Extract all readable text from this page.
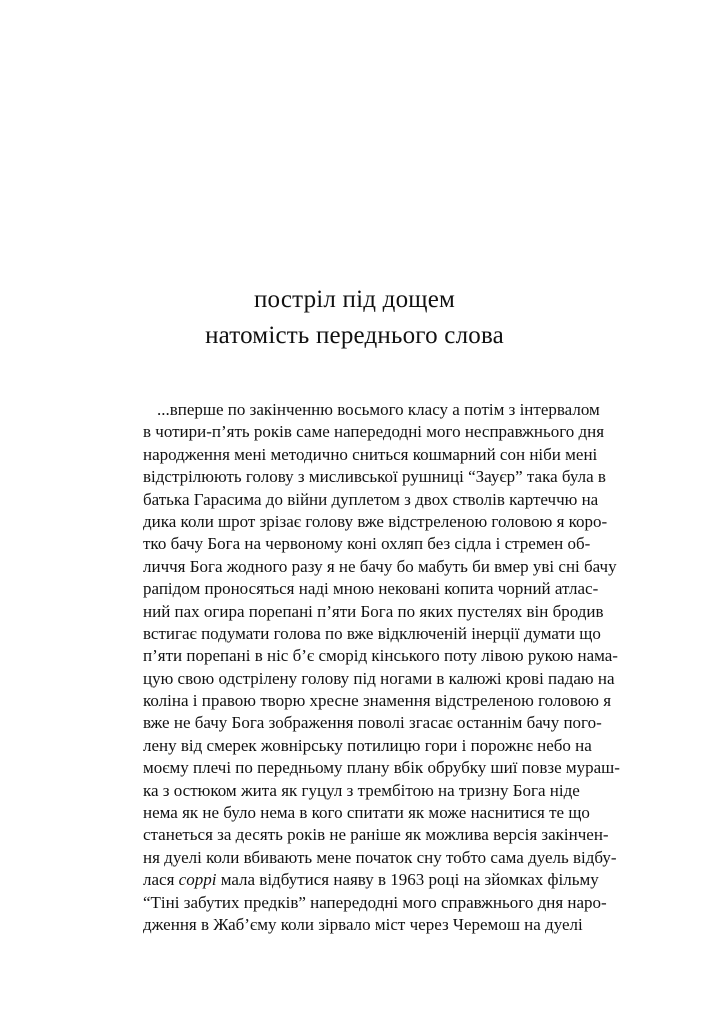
постріл під дощем
натомість переднього слова
...вперше по закінченню восьмого класу а потім з інтервалом
в чотири-п’ять років саме напередодні мого несправжнього дня
народження мені методично сниться кошмарний сон ніби мені
відстрілюють голову з мисливської рушниці “Зауєр” така була в
батька Гарасима до війни дуплетом з двох стволів картеччю на
дика коли шрот зрізає голову вже відстреленою головою я коро-
тко бачу Бога на червоному коні охляп без сідла і стремен об-
личчя Бога жодного разу я не бачу бо мабуть би вмер уві сні бачу
рапідом проносяться наді мною нековані копита чорний атлас-
ний пах огира порепані п’яти Бога по яких пустелях він бродив
встигає подумати голова по вже відключеній інерції думати що
п’яти порепані в ніс б’є сморід кінського поту лівою рукою нама-
цую свою одстрілену голову під ногами в калюжі крові падаю на
коліна і правою творю хресне знамення відстреленою головою я
вже не бачу Бога зображення поволі згасає останнім бачу пого-
лену від смерек жовнірську потилицю гори і порожнє небо на
моєму плечі по передньому плану вбік обрубку шиї повзе мураш-
ка з остюком жита як гуцул з трембітою на тризну Бога ніде
нема як не було нема в кого спитати як може наснитися те що
станеться за десять років не раніше як можлива версія закінчен-
ня дуелі коли вбивають мене початок сну тобто сама дуель відбу-
лася coppi мала відбутися наяву в 1963 році на зйомках фільму
“Тіні забутих предків” напередодні мого справжнього дня наро-
дження в Жаб’єму коли зірвало міст через Черемош на дуелі
